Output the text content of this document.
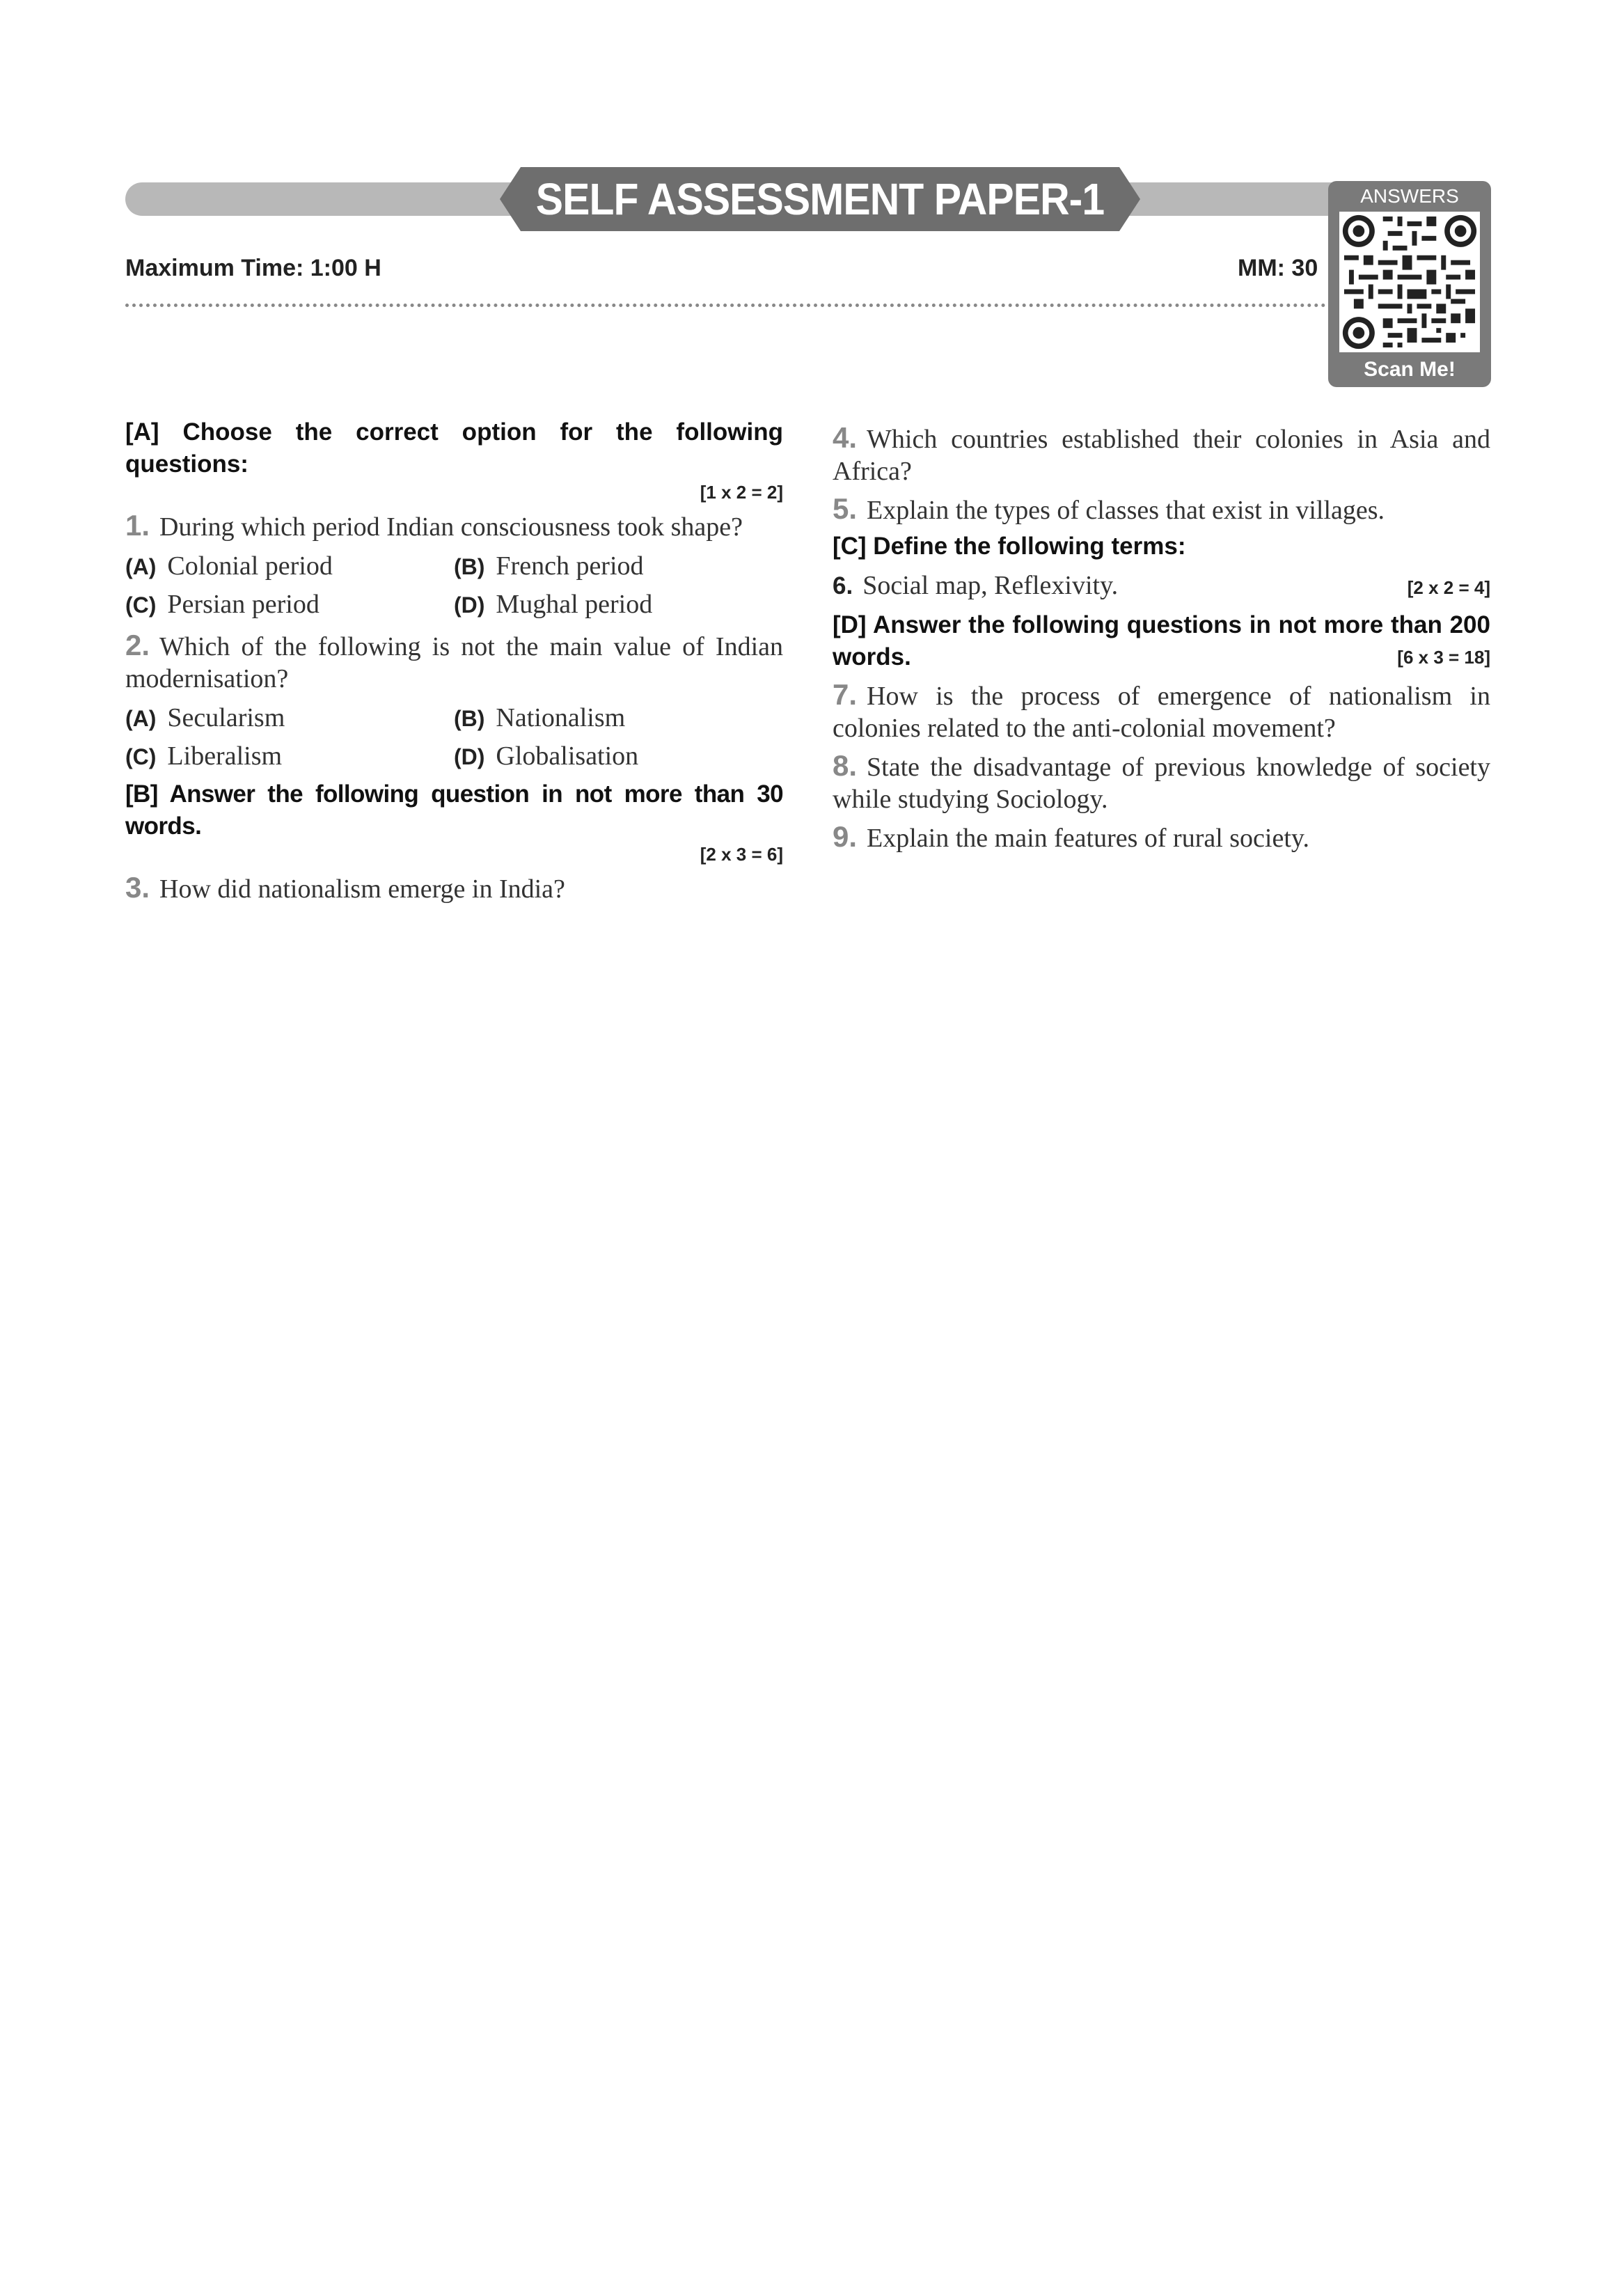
SELF ASSESSMENT PAPER-1	ANSWERS
Scan Me!
Maximum Time: 1:00 H	MM: 30
[A] Choose the correct option for the following questions:
[1 x 2 = 2]
1. During which period Indian consciousness took shape?
(A) Colonial period	(B) French period
(C) Persian period	(D) Mughal period
2. Which of the following is not the main value of Indian modernisation?
(A) Secularism	(B) Nationalism
(C) Liberalism	(D) Globalisation
[B] Answer the following question in not more than 30 words.
[2 x 3 = 6]
3. How did nationalism emerge in India?
4. Which countries established their colonies in Asia and Africa?
5. Explain the types of classes that exist in villages.
[C] Define the following terms:
6. Social map, Reflexivity.	[2 x 2 = 4]
[D] Answer the following questions in not more than 200 words.	[6 x 3 = 18]
7. How is the process of emergence of nationalism in colonies related to the anti-colonial movement?
8. State the disadvantage of previous knowledge of society while studying Sociology.
9. Explain the main features of rural society.
